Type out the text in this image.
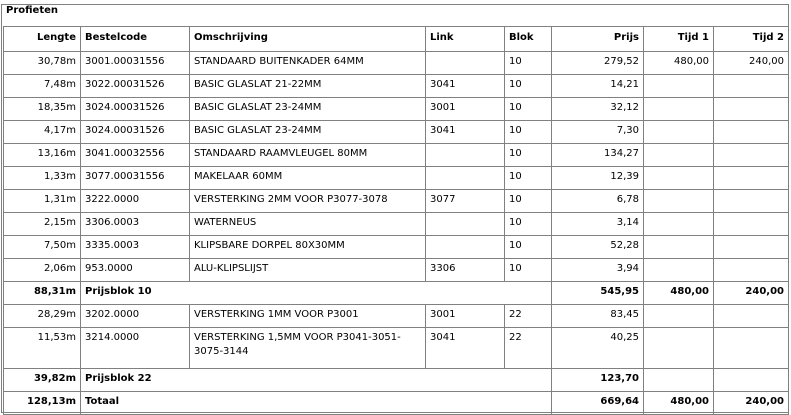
Profieten
Lengte	Bestelcode	Omschrijving	Link	Blok	Prijs	Tijd 1	Tijd 2
30,78m	3001.00031556	STANDAARD BUITENKADER 64MM		10	279,52	480,00	240,00
7,48m	3022.00031526	BASIC GLASLAT 21-22MM	3041	10	14,21		
18,35m	3024.00031526	BASIC GLASLAT 23-24MM	3001	10	32,12		
4,17m	3024.00031526	BASIC GLASLAT 23-24MM	3041	10	7,30		
13,16m	3041.00032556	STANDAARD RAAMVLEUGEL 80MM		10	134,27		
1,33m	3077.00031556	MAKELAAR 60MM		10	12,39		
1,31m	3222.0000	VERSTERKING 2MM VOOR P3077-3078	3077	10	6,78		
2,15m	3306.0003	WATERNEUS		10	3,14		
7,50m	3335.0003	KLIPSBARE DORPEL 80X30MM		10	52,28		
2,06m	953.0000	ALU-KLIPSLIJST	3306	10	3,94		
88,31m	Prijsblok 10				545,95	480,00	240,00
28,29m	3202.0000	VERSTERKING 1MM VOOR P3001	3001	22	83,45		
11,53m	3214.0000	VERSTERKING 1,5MM VOOR P3041-3051-3075-3144	3041	22	40,25		
39,82m	Prijsblok 22				123,70		
128,13m	Totaal				669,64	480,00	240,00
